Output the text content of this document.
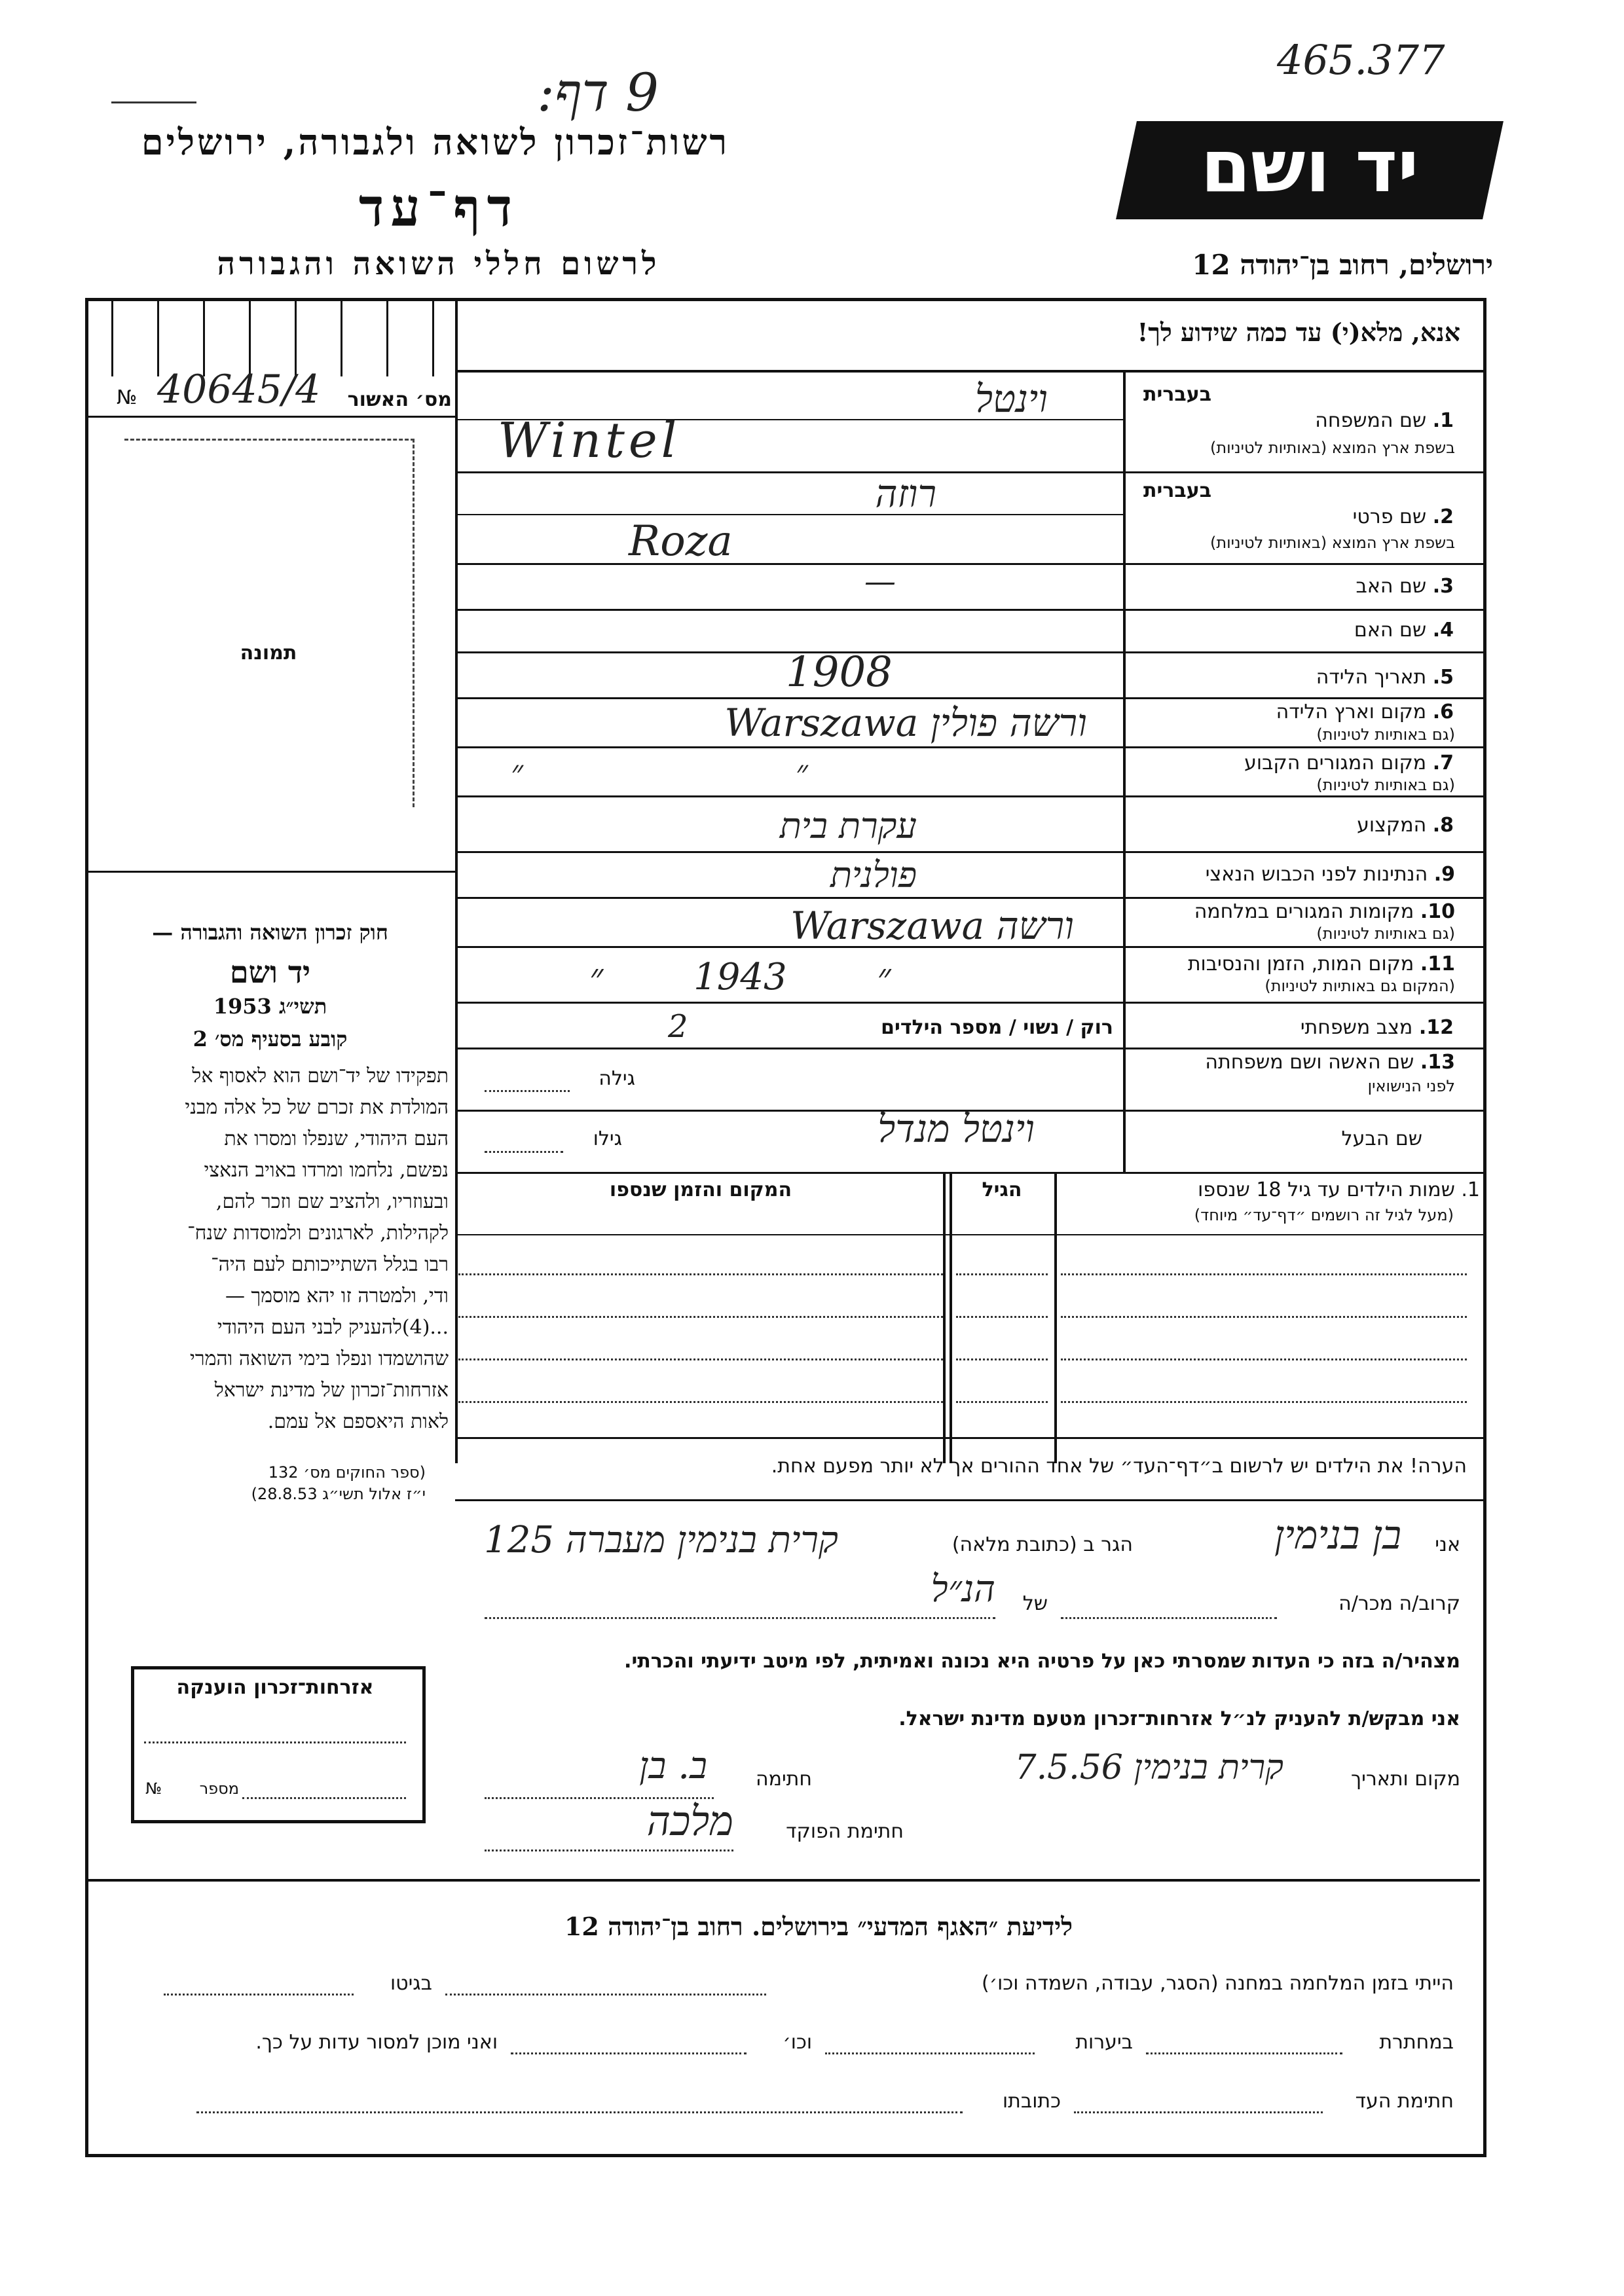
465.377
9 דף:
רשות־זכרון לשואה ולגבורה, ירושלים
דף־עד
לרשום חללי השואה והגבורה
יד ושם
ירושלים, רחוב בן־יהודה 12
אנא, מלא(י) עד כמה שידוע לך!
№ 40645/4	מס׳ האשור
תמונה
בעברית
1. שם המשפחה
בשפת ארץ המוצא (באותיות לטיניות)
וינטל
Wintel
בעברית
2. שם פרטי
בשפת ארץ המוצא (באותיות לטיניות)
רוזה
Roza
3. שם האב
—
4. שם האם
5. תאריך הלידה
1908
6. מקום וארץ הלידה
(גם באותיות לטיניות)
ורשה פולין Warszawa
7. מקום המגורים הקבוע
(גם באותיות לטיניות)
״ ״
8. המקצוע
עקרת בית
9. הנתינות לפני הכבוש הנאצי
פולנית
10. מקומות המגורים במלחמה
(גם באותיות לטיניות)
ורשה Warszawa
11. מקום המות, הזמן והנסיבות
(המקום גם באותיות לטיניות)
״ 1943 ״
12. מצב משפחתי
רוק / נשוי / מספר הילדים
2
13. שם האשה ושם משפחתה
לפני הנישואין
גילה
שם הבעל
וינטל מנדל
גילו
1. שמות הילדים עד גיל 18 שנספו
(מעל לגיל זה רושמים ״דף־עד״ מיוחד)
הגיל
המקום והזמן שנספו
חוק זכרון השואה והגבורה —
יד ושם
תשי״ג 1953
קובע בסעיף מס׳ 2
תפקידו של יד־ושם הוא לאסוף אל
המולדת את זכרם של כל אלה מבני
העם היהודי, שנפלו ומסרו את
נפשם, נלחמו ומרדו באויב הנאצי
ובעוזריו, ולהציב שם וזכר להם,
לקהילות, לארגונים ולמוסדות שנח־
רבו בגלל השתייכותם לעם היה־
ודי, ולמטרה זו יהא מוסמך —
...(4)להעניק לבני העם היהודי
שהושמדו ונפלו בימי השואה והמרי
אזרחות־זכרון של מדינת ישראל
לאות היאספם אל עמם.
(ספר החוקים מס׳ 132
י״ז אלול תשי״ג 28.8.53)
הערה! את הילדים יש לרשום ב״דף־העד״ של אחד ההורים אך לא יותר מפעם אחת.
אני
בן בנימין
הגר ב (כתובת מלאה)
קרית בנימין מעברה 125
קרוב/ה מכר/ה
של
הנ״ל
מצהיר/ה בזה כי העדות שמסרתי כאן על פרטיה היא נכונה ואמיתית, לפי מיטב ידיעתי והכרתי.
אני מבקש/ת להעניק לנ״ל אזרחות־זכרון מטעם מדינת ישראל.
מקום ותאריך
קרית בנימין 7.5.56
חתימה
ב. בן
חתימת הפוקד
מלכה
אזרחות־זכרון הוענקה
№	מספר
לידיעת ״האגף המדעי״ בירושלים. רחוב בן־יהודה 12
הייתי בזמן המלחמה במחנה (הסגר, עבודה, השמדה וכו׳)
בגיטו
במחתרת
ביערות
וכו׳
ואני מוכן למסור עדות על כך.
חתימת העד
כתובתו
